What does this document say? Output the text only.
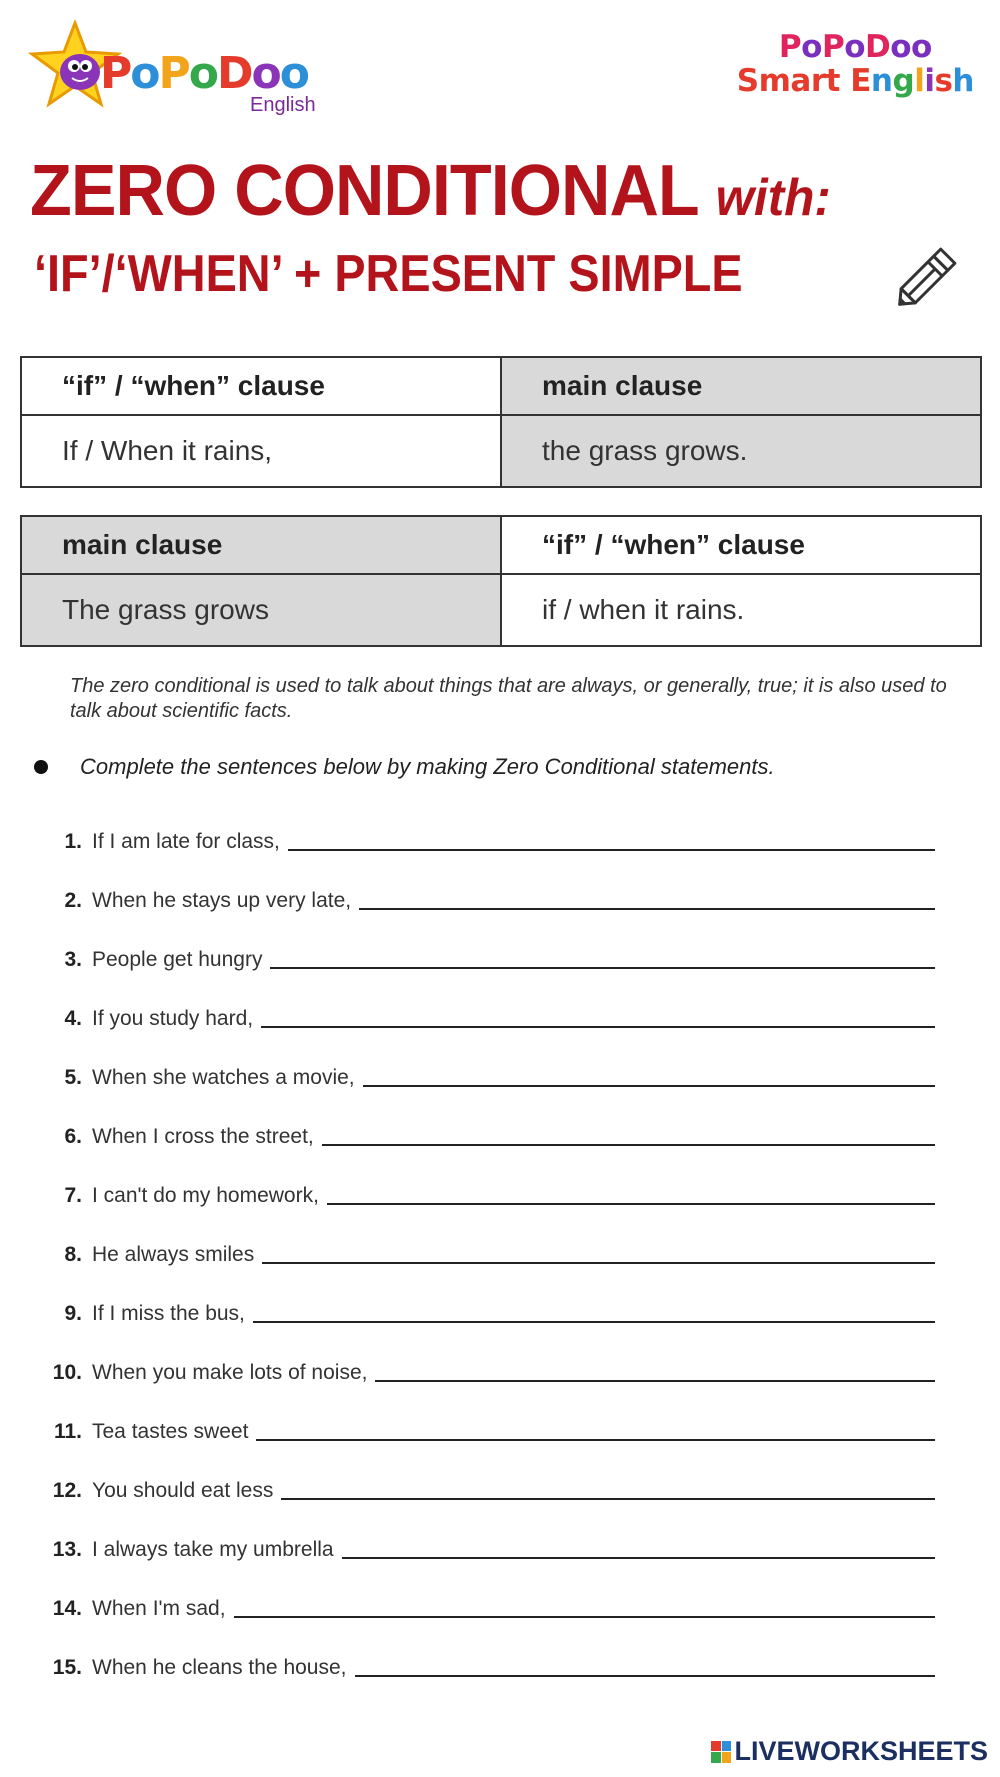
PoPoDoo
English
PoPoDoo
Smart English
ZERO CONDITIONAL with:
‘IF’/‘WHEN’ + PRESENT SIMPLE
“if” / “when” clause	main clause
If / When it rains,	the grass grows.
main clause	“if” / “when” clause
The grass grows	if / when it rains.
The zero conditional is used to talk about things that are always, or generally, true; it is also used to talk about scientific facts.
Complete the sentences below by making Zero Conditional statements.
1. If I am late for class,
2. When he stays up very late,
3. People get hungry
4. If you study hard,
5. When she watches a movie,
6. When I cross the street,
7. I can't do my homework,
8. He always smiles
9. If I miss the bus,
10. When you make lots of noise,
11. Tea tastes sweet
12. You should eat less
13. I always take my umbrella
14. When I'm sad,
15. When he cleans the house,
LIVEWORKSHEETS
